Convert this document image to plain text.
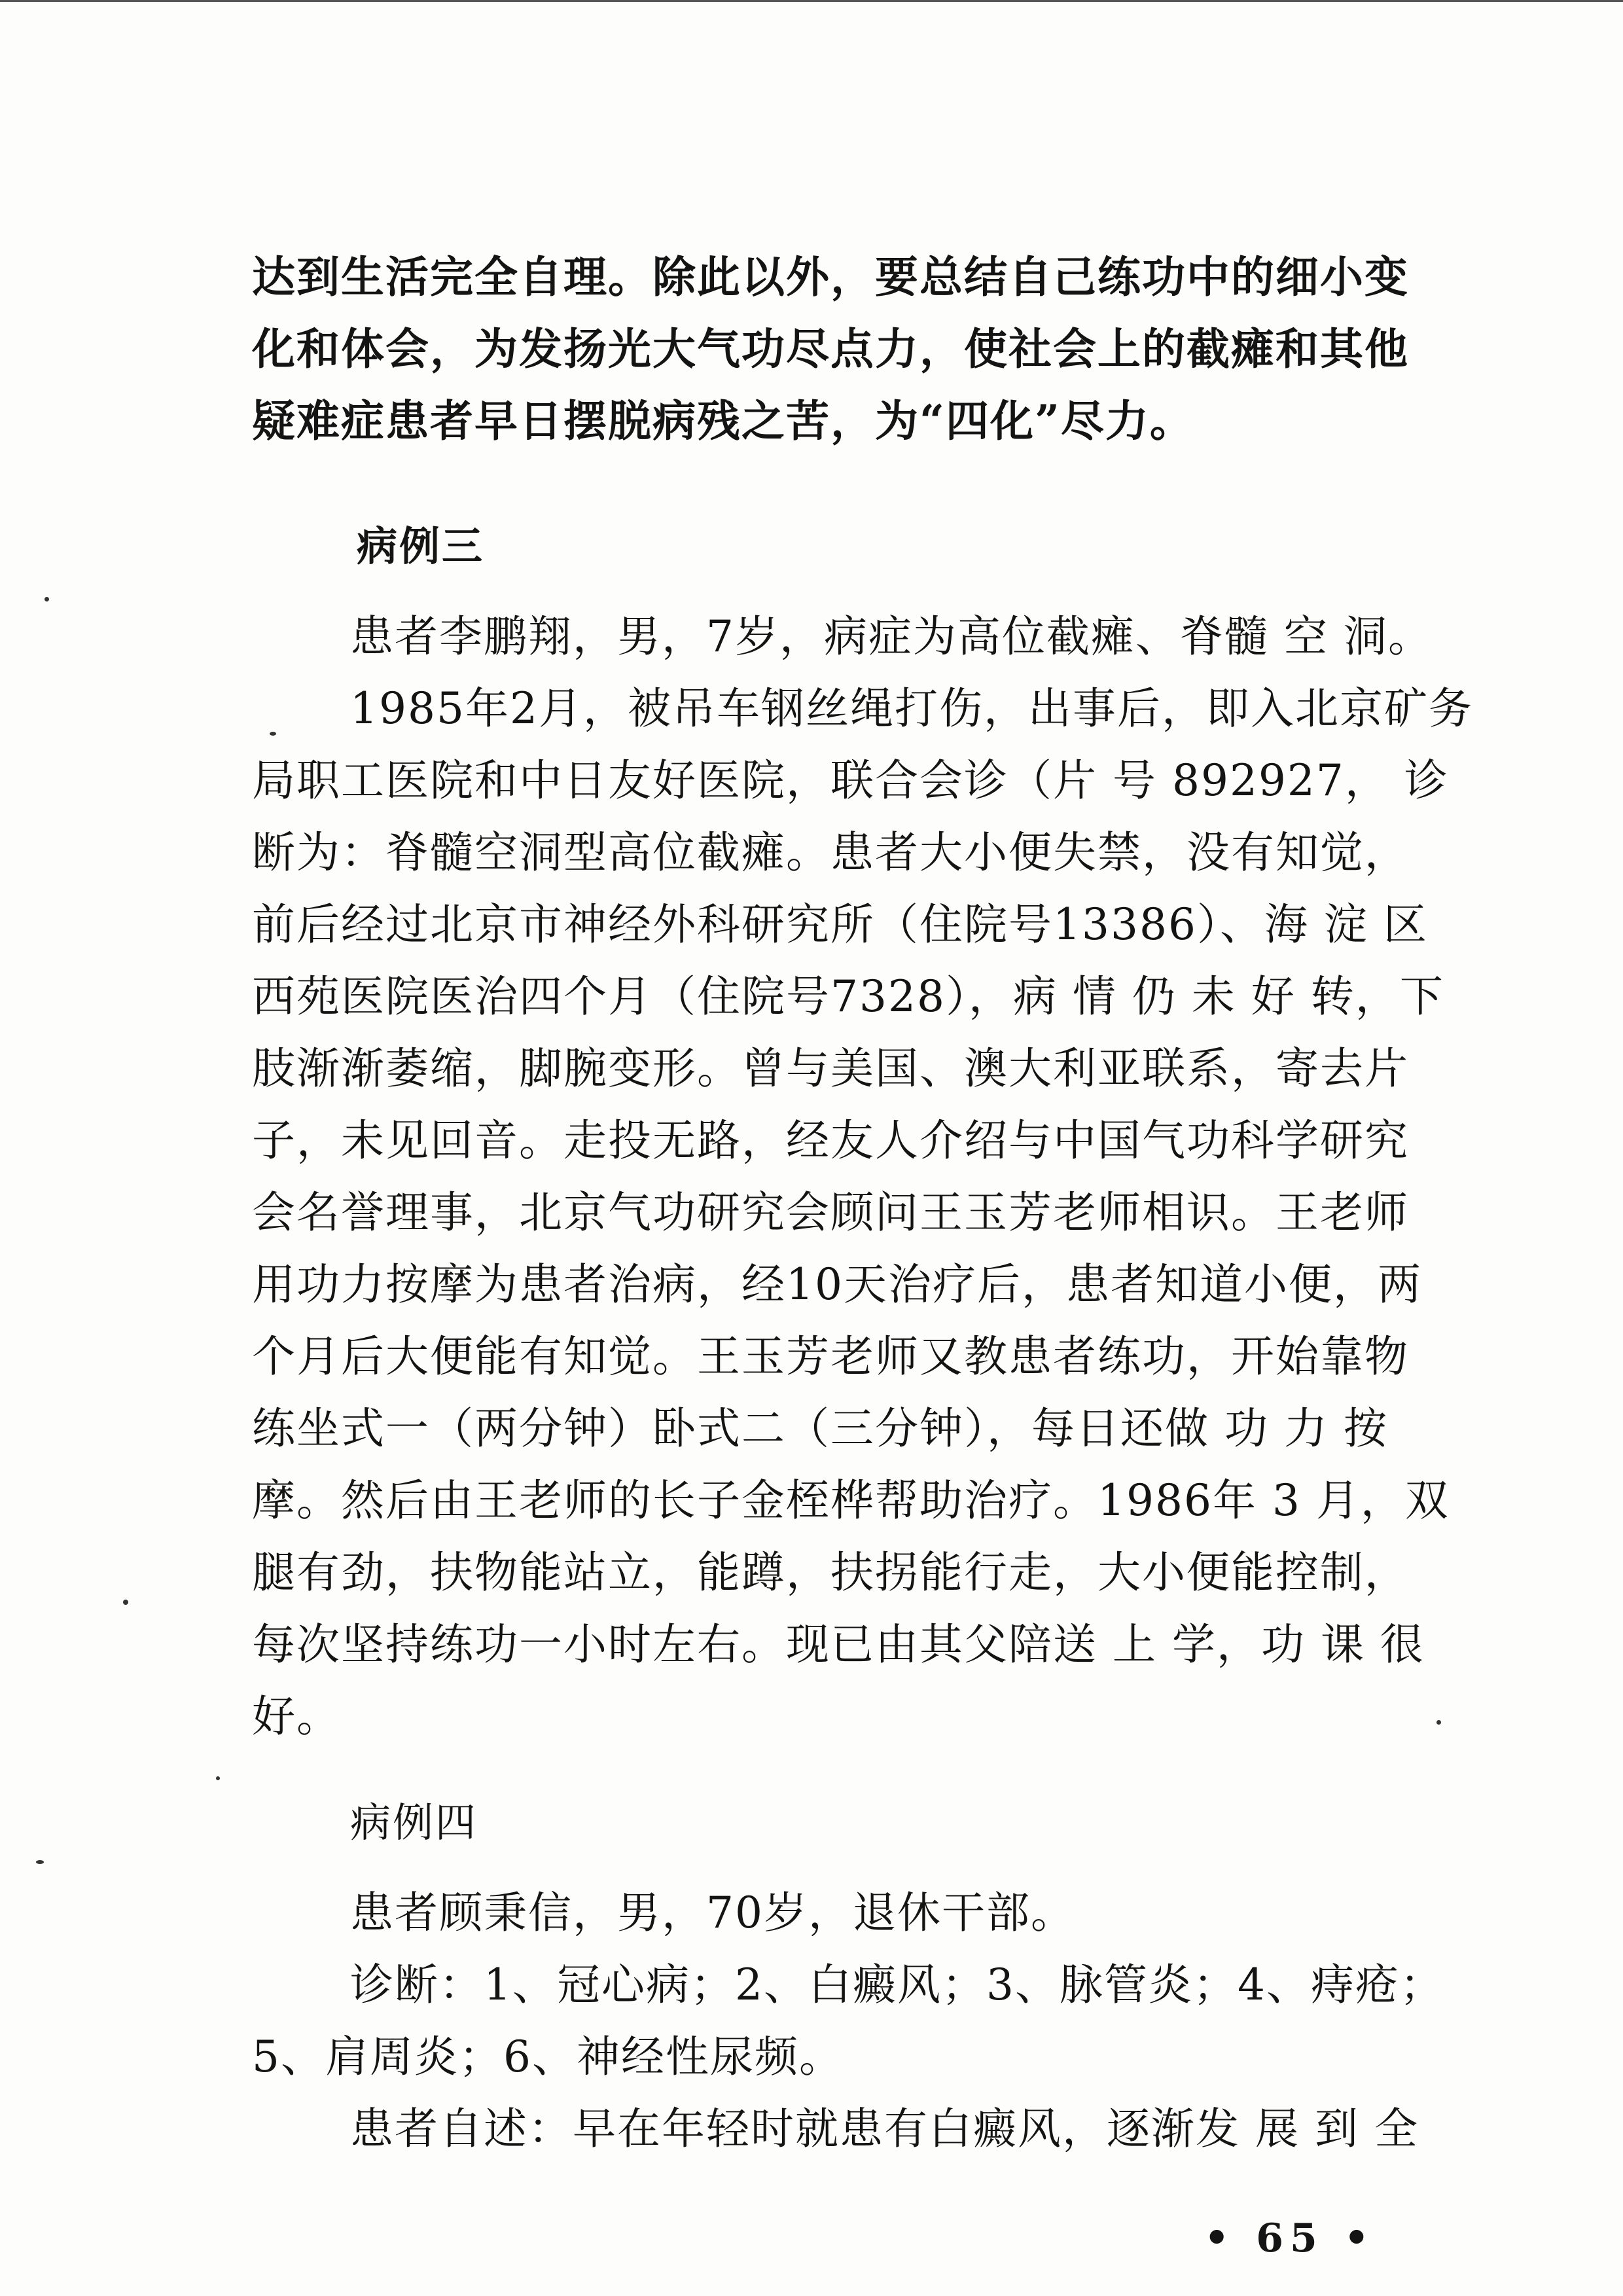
达到生活完全自理。除此以外，要总结自己练功中的细小变
化和体会，为发扬光大气功尽点力，使社会上的截瘫和其他
疑难症患者早日摆脱病残之苦，为“四化”尽力。
病例三
患者李鹏翔，男，7岁，病症为高位截瘫、脊髓 空 洞。
1985年2月，被吊车钢丝绳打伤，出事后，即入北京矿务
局职工医院和中日友好医院，联合会诊（片 号 892927， 诊
断为：脊髓空洞型高位截瘫。患者大小便失禁，没有知觉，
前后经过北京市神经外科研究所（住院号13386）、海 淀 区
西苑医院医治四个月（住院号7328），病 情 仍 未 好 转，下
肢渐渐萎缩，脚腕变形。曾与美国、澳大利亚联系，寄去片
子，未见回音。走投无路，经友人介绍与中国气功科学研究
会名誉理事，北京气功研究会顾问王玉芳老师相识。王老师
用功力按摩为患者治病，经10天治疗后，患者知道小便，两
个月后大便能有知觉。王玉芳老师又教患者练功，开始靠物
练坐式一（两分钟）卧式二（三分钟），每日还做 功 力 按
摩。然后由王老师的长子金桎桦帮助治疗。1986年 3 月，双
腿有劲，扶物能站立，能蹲，扶拐能行走，大小便能控制，
每次坚持练功一小时左右。现已由其父陪送 上 学，功 课 很
好。
病例四
患者顾秉信，男，70岁，退休干部。
诊断：1、冠心病；2、白癜风；3、脉管炎；4、痔疮；
5、肩周炎；6、神经性尿频。
患者自述：早在年轻时就患有白癜风，逐渐发 展 到 全
• 65 •
